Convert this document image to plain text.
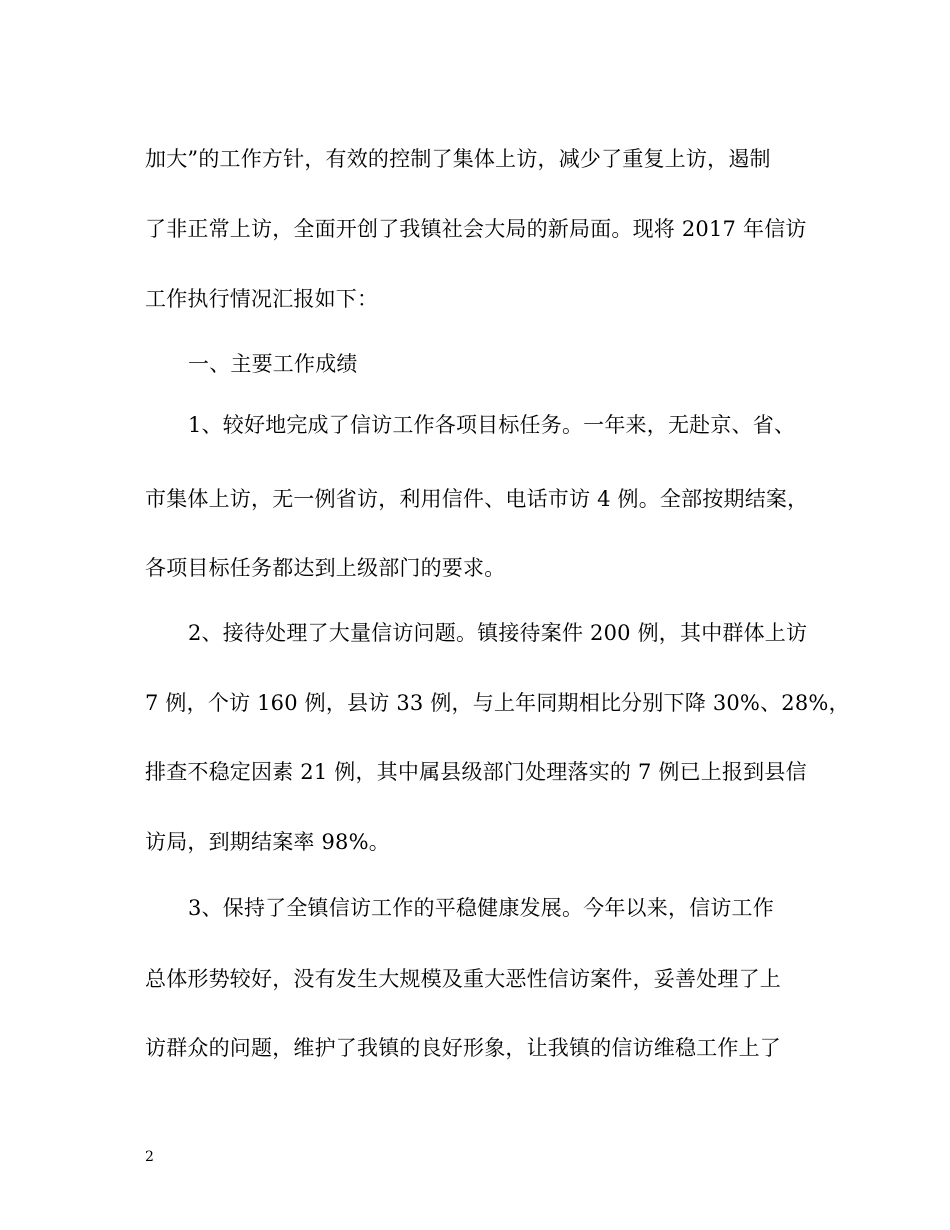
加大”的工作方针，有效的控制了集体上访，减少了重复上访，遏制
了非正常上访，全面开创了我镇社会大局的新局面。现将 2017 年信访
工作执行情况汇报如下：
一、主要工作成绩
1、较好地完成了信访工作各项目标任务。一年来，无赴京、省、
市集体上访，无一例省访，利用信件、电话市访 4 例。全部按期结案，
各项目标任务都达到上级部门的要求。
2、接待处理了大量信访问题。镇接待案件 200 例，其中群体上访
7 例，个访 160 例，县访 33 例，与上年同期相比分别下降 30%、28%，
排查不稳定因素 21 例，其中属县级部门处理落实的 7 例已上报到县信
访局，到期结案率 98%。
3、保持了全镇信访工作的平稳健康发展。今年以来，信访工作
总体形势较好，没有发生大规模及重大恶性信访案件，妥善处理了上
访群众的问题，维护了我镇的良好形象，让我镇的信访维稳工作上了
2
